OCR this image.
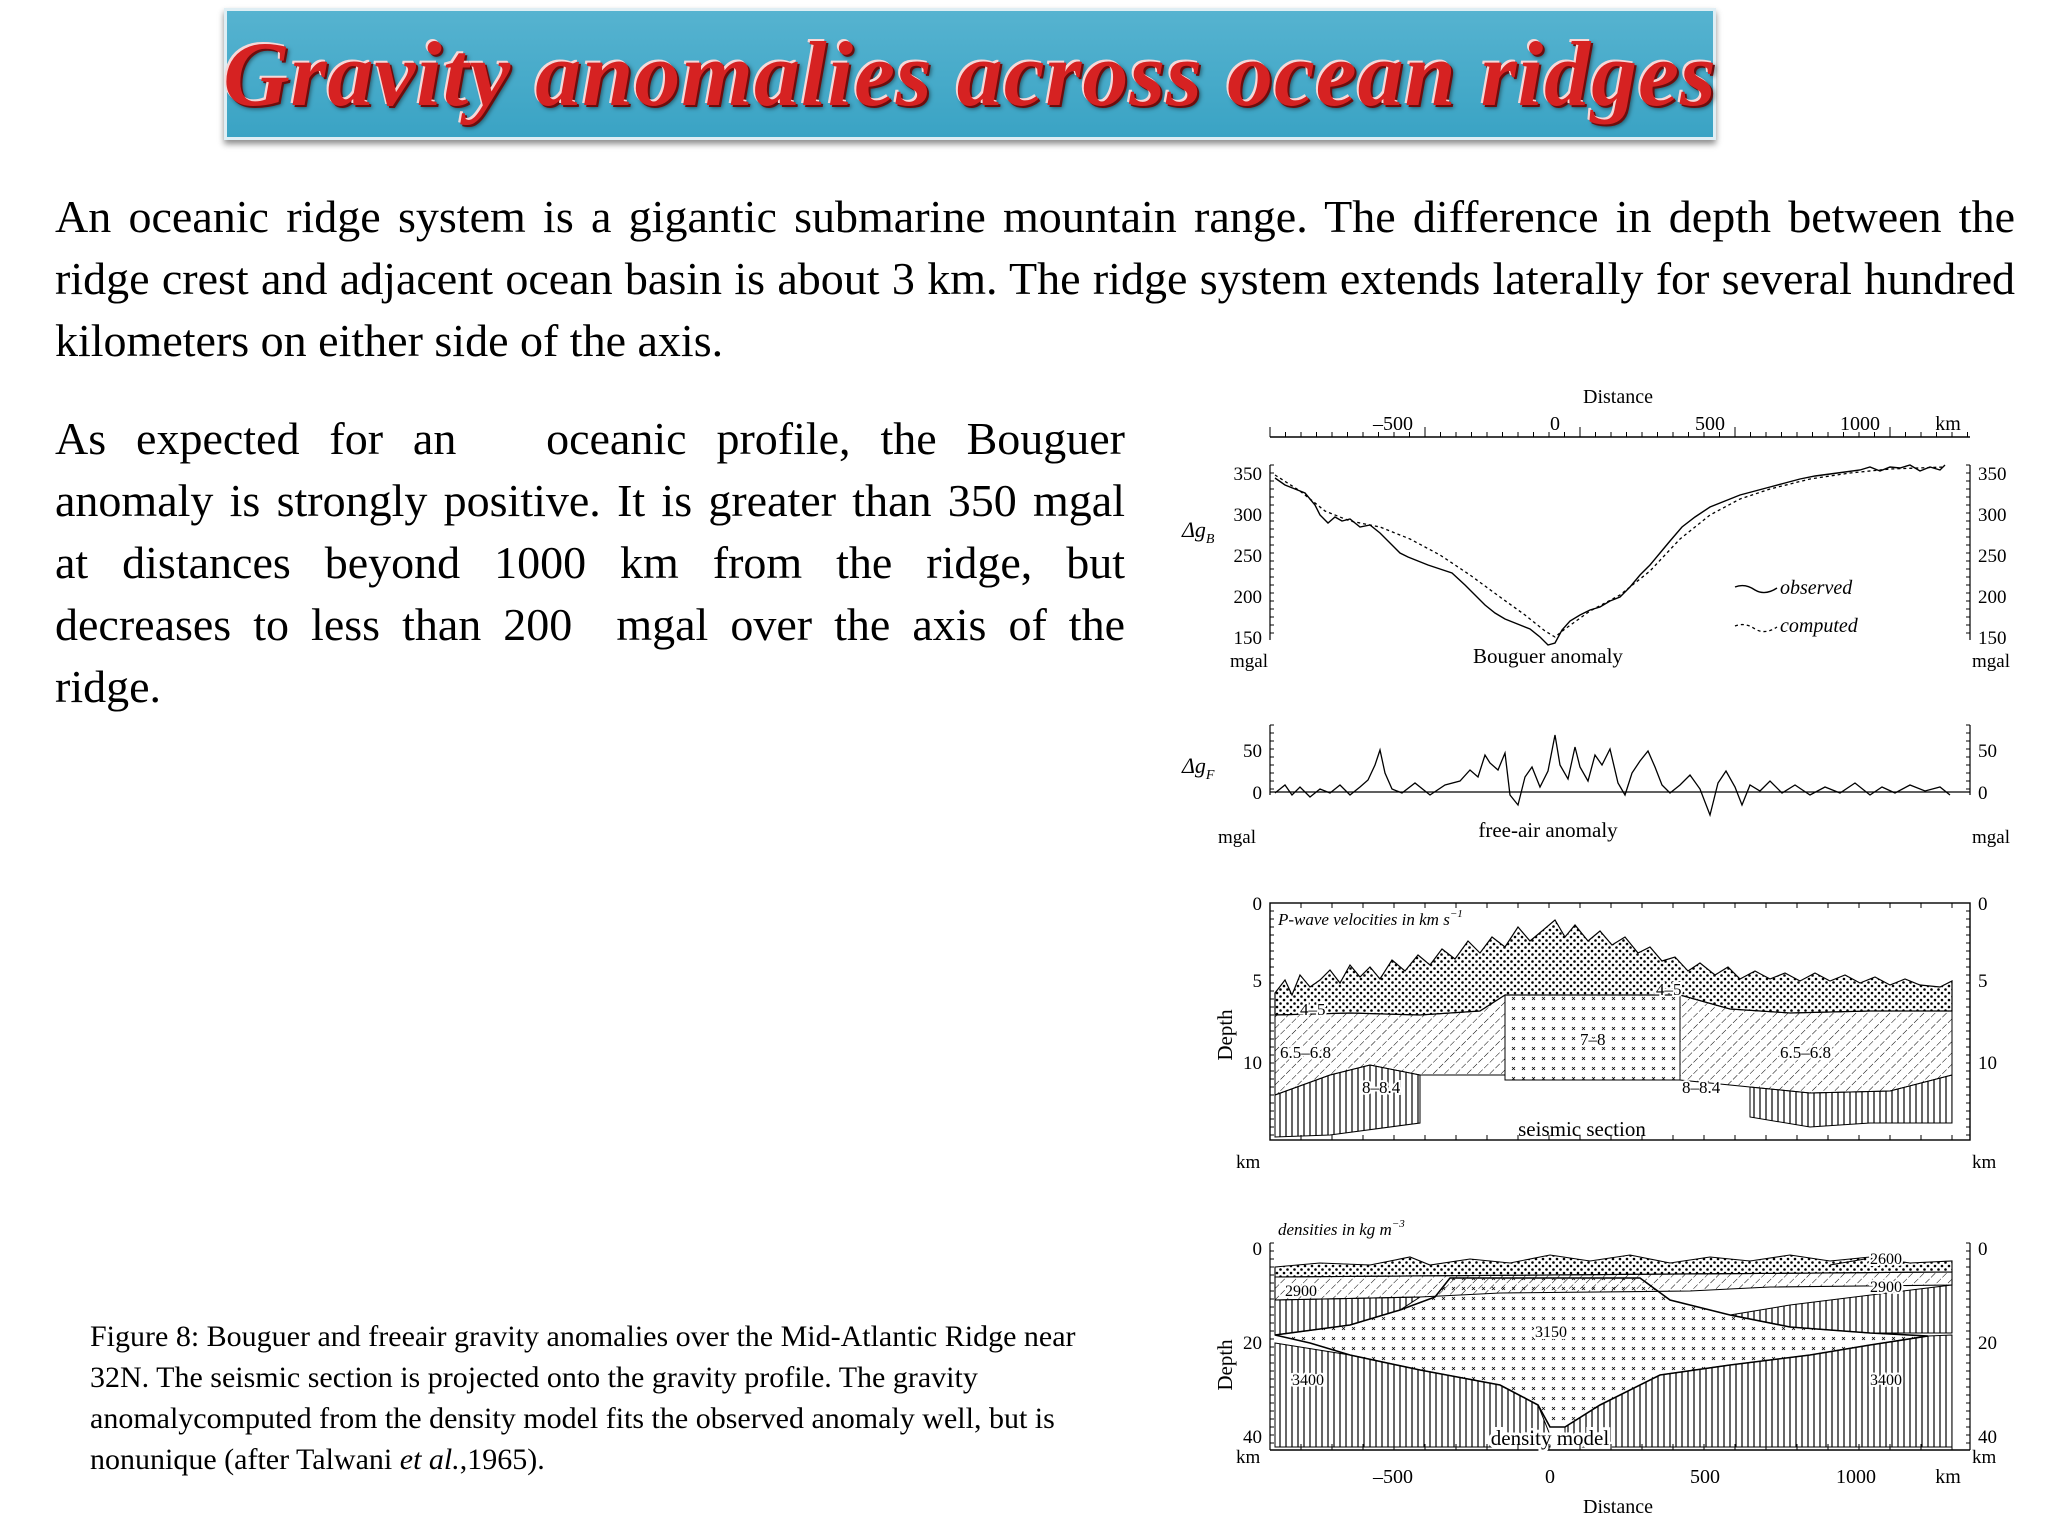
Gravity anomalies across ocean ridges

An oceanic ridge system is a gigantic submarine mountain range. The difference in depth between the ridge crest and adjacent ocean basin is about 3 km. The ridge system extends laterally for several hundred kilometers on either side of the axis.

As expected for an   oceanic profile, the Bouguer anomaly is strongly positive. It is greater than 350 mgal at distances beyond 1000 km from the ridge, but decreases to less than 200  mgal over the axis of the ridge.

Figure 8: Bouguer and freeair gravity anomalies over the Mid-Atlantic Ridge near 32N. The seismic section is projected onto the gravity profile. The gravity anomalycomputed from the density model fits the observed anomaly well, but is nonunique (after Talwani et al.,1965).
Distance
–500	0	500	1000	km
$\Delta g_B$
350
300
250
200
150
mgal
350
300
250
200
150
mgal
Bouguer anomaly
observed
computed
$\Delta g_F$
50
0
50
0
mgal	mgal
free-air anomaly
Depth
0
5
10
0
5
10
km	km
P-wave velocities in km $s^{-1}$
4–5
4–5
7–8
6.5–6.8	6.5–6.8
8–8.4	8–8.4
seismic section
Depth
0
20
40
0
20
40
km	km
densities in kg $m^{-3}$
2600
2900	2900
3150
3400	3400
density model
–500	0	500	1000	km
Distance
